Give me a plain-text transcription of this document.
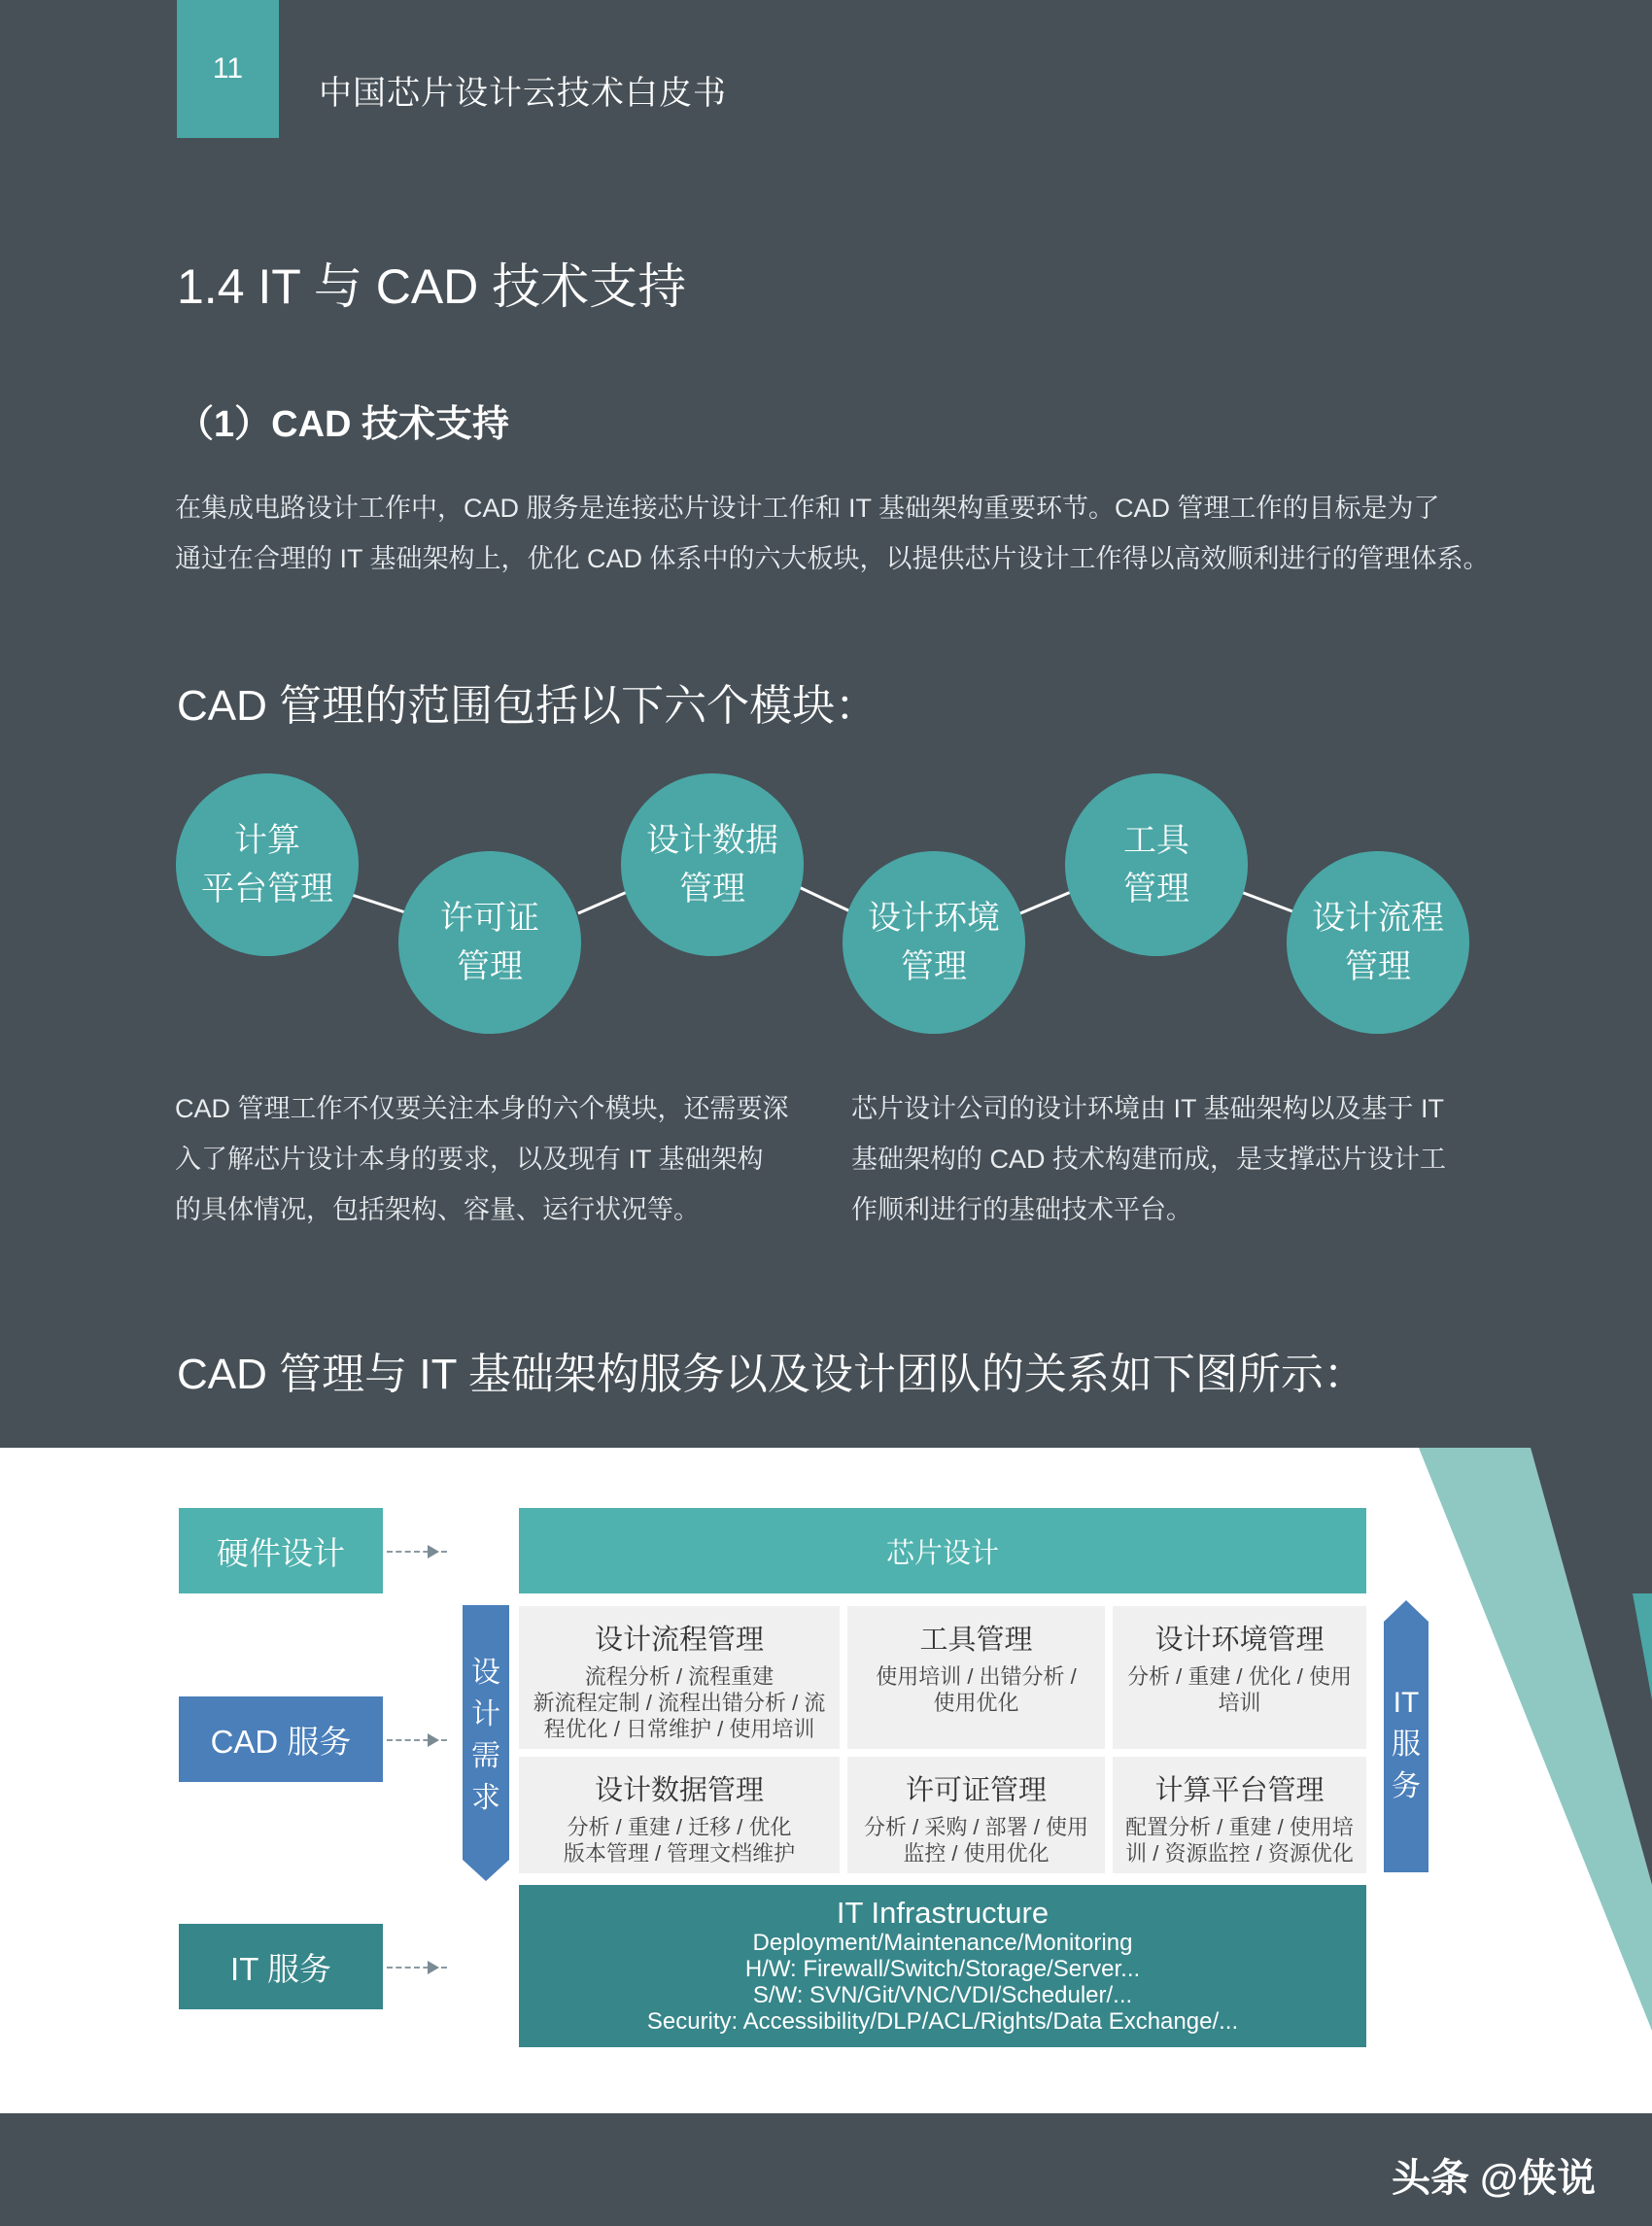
11
中国芯片设计云技术白皮书
1.4 IT 与 CAD 技术支持
（1）CAD 技术支持

在集成电路设计工作中，CAD 服务是连接芯片设计工作和 IT 基础架构重要环节。CAD 管理工作的目标是为了

通过在合理的 IT 基础架构上，优化 CAD 体系中的六大板块，以提供芯片设计工作得以高效顺利进行的管理体系。

CAD 管理的范围包括以下六个模块：
计算
平台管理
许可证
管理
设计数据
管理
设计环境
管理
工具
管理
设计流程
管理

CAD 管理工作不仅要关注本身的六个模块，还需要深

入了解芯片设计本身的要求，以及现有 IT 基础架构

的具体情况，包括架构、容量、运行状况等。

芯片设计公司的设计环境由 IT 基础架构以及基于 IT

基础架构的 CAD 技术构建而成，是支撑芯片设计工

作顺利进行的基础技术平台。

CAD 管理与 IT 基础架构服务以及设计团队的关系如下图所示：
硬件设计
CAD 服务
IT 服务
芯片设计
设
计
需
求
IT
服
务
设计流程管理
流程分析 / 流程重建
新流程定制 / 流程出错分析 / 流
程优化 / 日常维护 / 使用培训
工具管理
使用培训 / 出错分析 /
使用优化
设计环境管理
分析 / 重建 / 优化 / 使用
培训
设计数据管理
分析 / 重建 / 迁移 / 优化
版本管理 / 管理文档维护
许可证管理
分析 / 采购 / 部署 / 使用
监控 / 使用优化
计算平台管理
配置分析 / 重建 / 使用培
训 / 资源监控 / 资源优化
IT Infrastructure
Deployment/Maintenance/Monitoring
H/W: Firewall/Switch/Storage/Server...
S/W: SVN/Git/VNC/VDI/Scheduler/...
Security: Accessibility/DLP/ACL/Rights/Data Exchange/...
头条 @侠说
